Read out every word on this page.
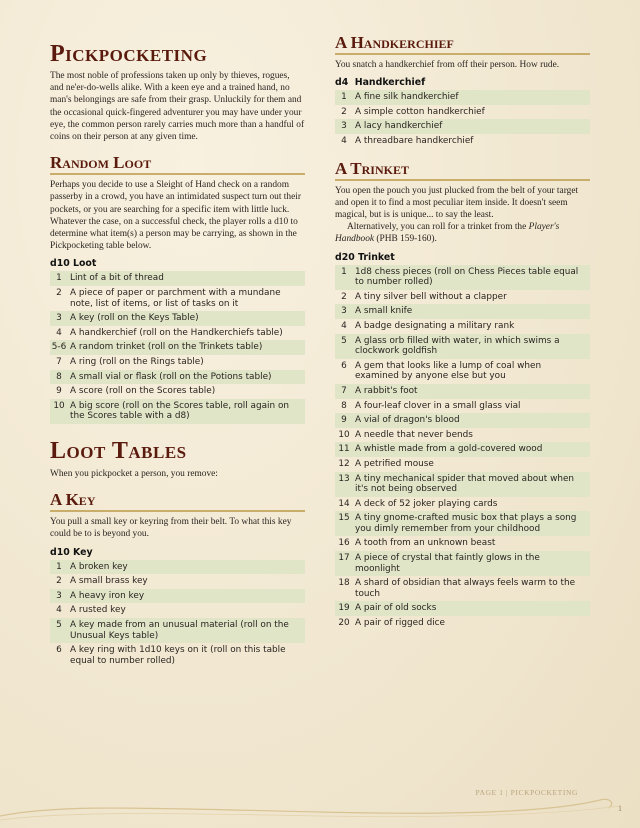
Pickpocketing

The most noble of professions taken up only by thieves, rogues, and ne'er-do-wells alike. With a keen eye and a trained hand, no man's belongings are safe from their grasp. Unluckily for them and the occasional quick-fingered adventurer you may have under your eye, the common person rarely carries much more than a handful of coins on their person at any given time.

Random Loot

Perhaps you decide to use a Sleight of Hand check on a random passerby in a crowd, you have an intimidated suspect turn out their pockets, or you are searching for a specific item with little luck. Whatever the case, on a successful check, the player rolls a d10 to determine what item(s) a person may be carrying, as shown in the Pickpocketing table below.

d10 Loot
1	Lint of a bit of thread
2	A piece of paper or parchment with a mundane note, list of items, or list of tasks on it
3	A key (roll on the Keys Table)
4	A handkerchief (roll on the Handkerchiefs table)
5-6	A random trinket (roll on the Trinkets table)
7	A ring (roll on the Rings table)
8	A small vial or flask (roll on the Potions table)
9	A score (roll on the Scores table)
10	A big score (roll on the Scores table, roll again on the Scores table with a d8)
Loot Tables

When you pickpocket a person, you remove:

A Key

You pull a small key or keyring from their belt. To what this key could be to is beyond you.

d10 Key
1	A broken key
2	A small brass key
3	A heavy iron key
4	A rusted key
5	A key made from an unusual material (roll on the Unusual Keys table)
6	A key ring with 1d10 keys on it (roll on this table equal to number rolled)
A Handkerchief

You snatch a handkerchief from off their person. How rude.

d4  Handkerchief
1	A fine silk handkerchief
2	A simple cotton handkerchief
3	A lacy handkerchief
4	A threadbare handkerchief
A Trinket

You open the pouch you just plucked from the belt of your target and open it to find a most peculiar item inside. It doesn't seem magical, but is is unique... to say the least.

Alternatively, you can roll for a trinket from the Player's Handbook (PHB 159-160).

d20 Trinket
1	1d8 chess pieces (roll on Chess Pieces table equal to number rolled)
2	A tiny silver bell without a clapper
3	A small knife
4	A badge designating a military rank
5	A glass orb filled with water, in which swims a clockwork goldfish
6	A gem that looks like a lump of coal when examined by anyone else but you
7	A rabbit's foot
8	A four-leaf clover in a small glass vial
9	A vial of dragon's blood
10	A needle that never bends
11	A whistle made from a gold-covered wood
12	A petrified mouse
13	A tiny mechanical spider that moved about when it's not being observed
14	A deck of 52 joker playing cards
15	A tiny gnome-crafted music box that plays a song you dimly remember from your childhood
16	A tooth from an unknown beast
17	A piece of crystal that faintly glows in the moonlight
18	A shard of obsidian that always feels warm to the touch
19	A pair of old socks
20	A pair of rigged dice
PAGE 1 | PICKPOCKETING
1
